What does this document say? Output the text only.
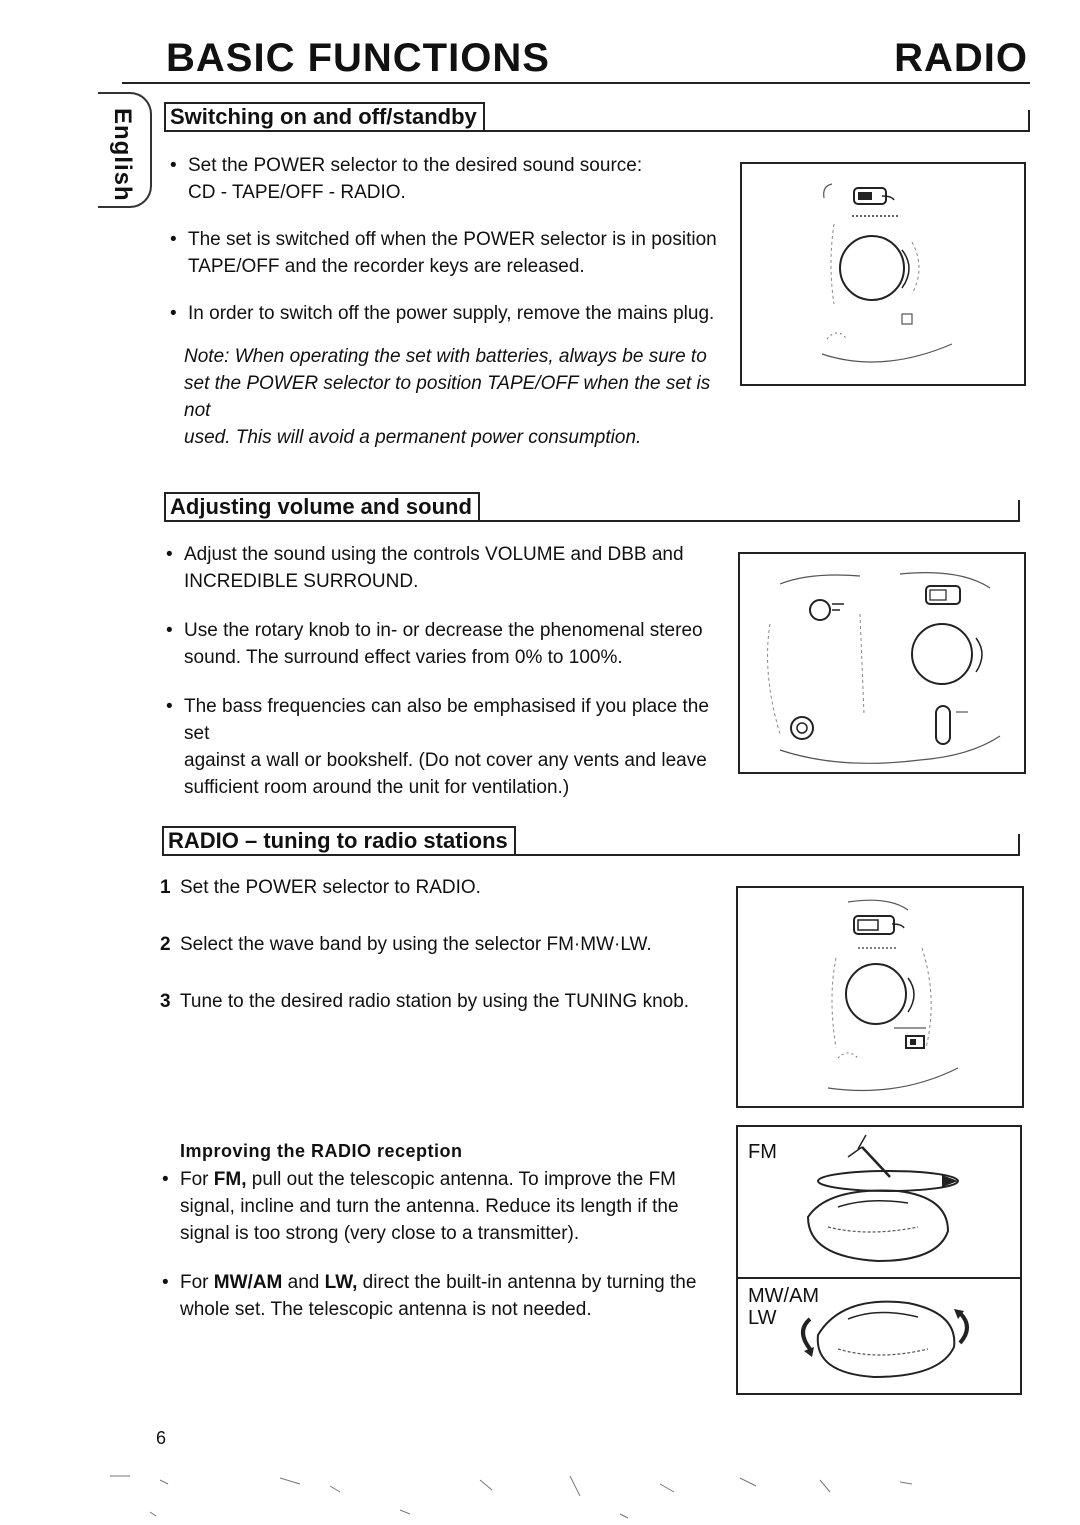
BASIC FUNCTIONS	RADIO
English Switching on and off/standby
• Set the POWER selector to the desired sound source:
CD - TAPE/OFF - RADIO.
• The set is switched off when the POWER selector is in position
TAPE/OFF and the recorder keys are released.
• In order to switch off the power supply, remove the mains plug.
Note: When operating the set with batteries, always be sure to
set the POWER selector to position TAPE/OFF when the set is not
used. This will avoid a permanent power consumption.
Adjusting volume and sound
• Adjust the sound using the controls VOLUME and DBB and
INCREDIBLE SURROUND.
• Use the rotary knob to in- or decrease the phenomenal stereo
sound. The surround effect varies from 0% to 100%.
• The bass frequencies can also be emphasised if you place the set
against a wall or bookshelf. (Do not cover any vents and leave
sufficient room around the unit for ventilation.)
RADIO – tuning to radio stations
1 Set the POWER selector to RADIO.
2 Select the wave band by using the selector FM·MW·LW.
3 Tune to the desired radio station by using the TUNING knob.
Improving the RADIO reception
• For FM, pull out the telescopic antenna. To improve the FM
signal, incline and turn the antenna. Reduce its length if the
signal is too strong (very close to a transmitter).
• For MW/AM and LW, direct the built-in antenna by turning the
whole set. The telescopic antenna is not needed.
FM
MW/AM
LW
6
